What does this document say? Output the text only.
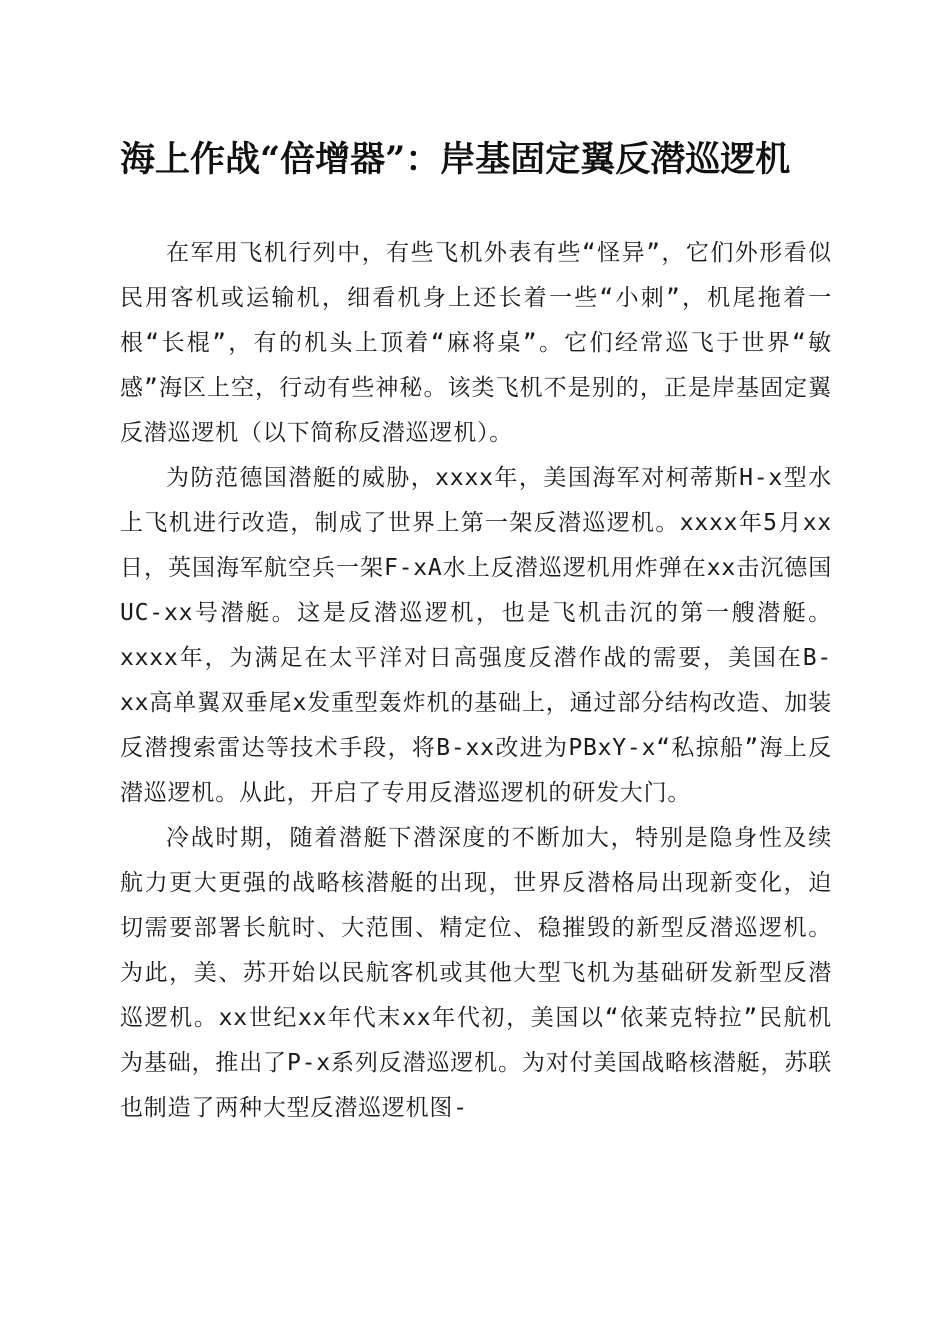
海上作战“倍增器”：岸基固定翼反潜巡逻机

在军用飞机行列中，有些飞机外表有些“怪异”，它们外形看似民用客机或运输机，细看机身上还长着一些“小刺”，机尾拖着一根“长棍”，有的机头上顶着“麻将桌”。它们经常巡飞于世界“敏感”海区上空，行动有些神秘。该类飞机不是别的，正是岸基固定翼反潜巡逻机（以下简称反潜巡逻机）。

为防范德国潜艇的威胁，xxxx年，美国海军对柯蒂斯H-x型水上飞机进行改造，制成了世界上第一架反潜巡逻机。xxxx年5月xx日，英国海军航空兵一架F-xA水上反潜巡逻机用炸弹在xx击沉德国UC-xx号潜艇。这是反潜巡逻机，也是飞机击沉的第一艘潜艇。xxxx年，为满足在太平洋对日高强度反潜作战的需要，美国在B-xx高单翼双垂尾x发重型轰炸机的基础上，通过部分结构改造、加装反潜搜索雷达等技术手段，将B-xx改进为PBxY-x“私掠船”海上反潜巡逻机。从此，开启了专用反潜巡逻机的研发大门。

冷战时期，随着潜艇下潜深度的不断加大，特别是隐身性及续航力更大更强的战略核潜艇的出现，世界反潜格局出现新变化，迫切需要部署长航时、大范围、精定位、稳摧毁的新型反潜巡逻机。为此，美、苏开始以民航客机或其他大型飞机为基础研发新型反潜巡逻机。xx世纪xx年代末xx年代初，美国以“依莱克特拉”民航机为基础，推出了P-x系列反潜巡逻机。为对付美国战略核潜艇，苏联也制造了两种大型反潜巡逻机图-
